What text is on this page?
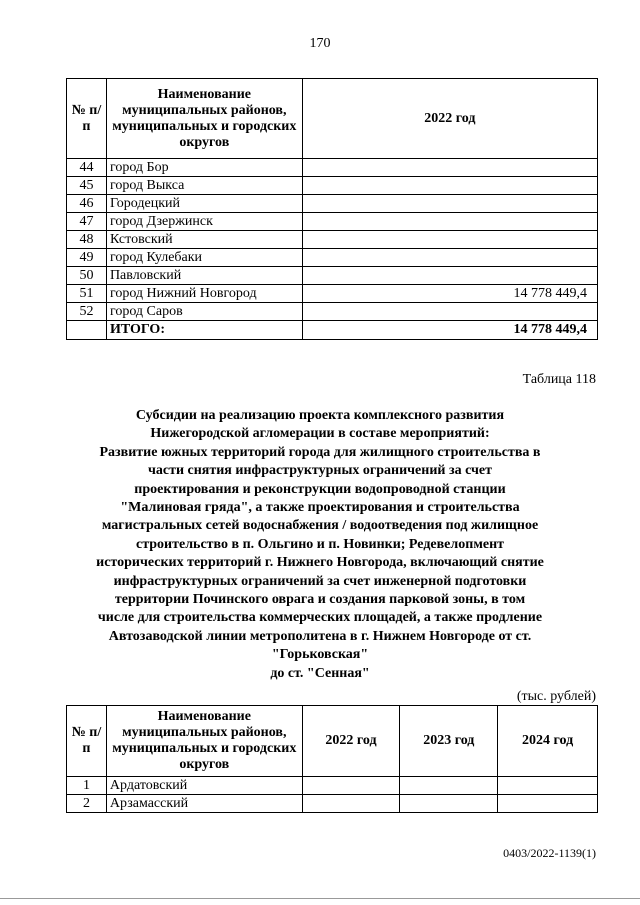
170
№ п/п	Наименование муниципальных районов, муниципальных и городских округов	2022 год
44	город Бор	
45	город Выкса	
46	Городецкий	
47	город Дзержинск	
48	Кстовский	
49	город Кулебаки	
50	Павловский	
51	город Нижний Новгород	14 778 449,4
52	город Саров	
	ИТОГО:	14 778 449,4
Таблица 118
Субсидии на реализацию проекта комплексного развития
Нижегородской агломерации в составе мероприятий:
Развитие южных территорий города для жилищного строительства в
части снятия инфраструктурных ограничений за счет
проектирования и реконструкции водопроводной станции
"Малиновая гряда", а также проектирования и строительства
магистральных сетей водоснабжения / водоотведения под жилищное
строительство в п. Ольгино и п. Новинки; Редевелопмент
исторических территорий г. Нижнего Новгорода, включающий снятие
инфраструктурных ограничений за счет инженерной подготовки
территории Починского оврага и создания парковой зоны, в том
числе для строительства коммерческих площадей, а также продление
Автозаводской линии метрополитена в г. Нижнем Новгороде от ст.
"Горьковская"
до ст. "Сенная"
(тыс. рублей)
№ п/п	Наименование муниципальных районов, муниципальных и городских округов	2022 год	2023 год	2024 год
1	Ардатовский			
2	Арзамасский			
0403/2022-1139(1)
